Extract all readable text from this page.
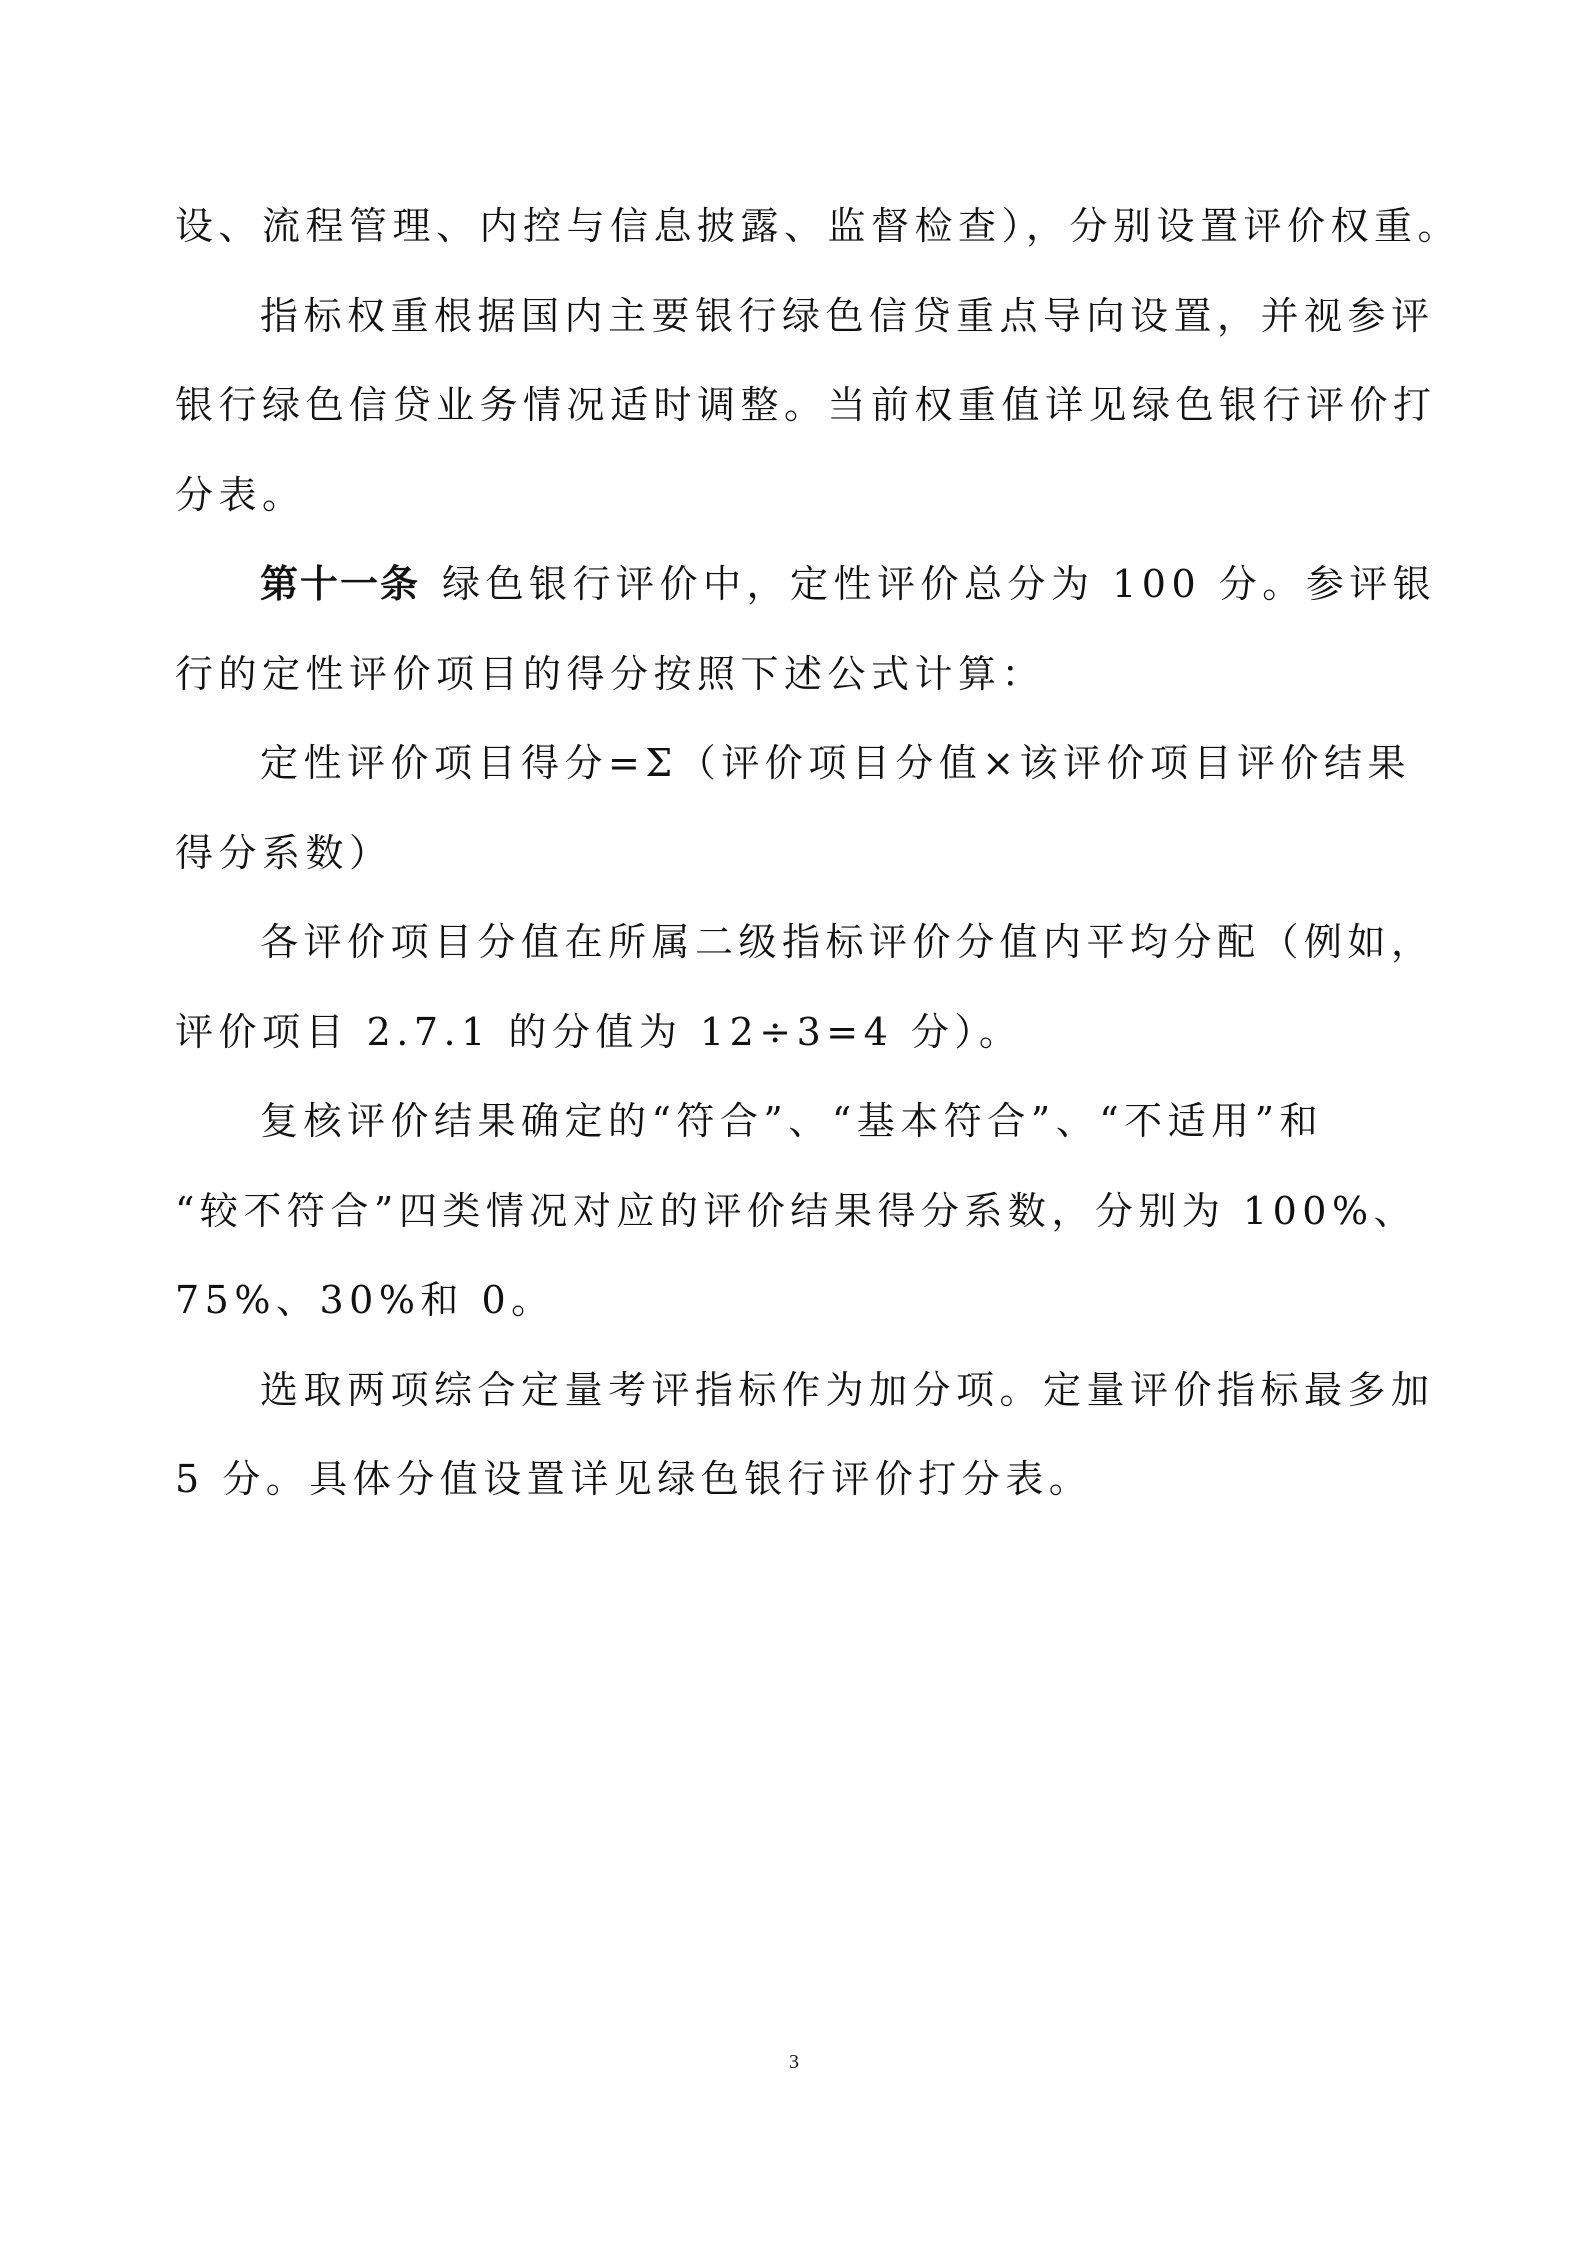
设、流程管理、内控与信息披露、监督检查），分别设置评价权重。
指标权重根据国内主要银行绿色信贷重点导向设置，并视参评
银行绿色信贷业务情况适时调整。当前权重值详见绿色银行评价打
分表。
第十一条 绿色银行评价中，定性评价总分为 100 分。参评银
行的定性评价项目的得分按照下述公式计算：
定性评价项目得分=Σ（评价项目分值×该评价项目评价结果
得分系数）
各评价项目分值在所属二级指标评价分值内平均分配（例如，
评价项目 2.7.1 的分值为 12÷3=4 分）。
复核评价结果确定的“符合”、“基本符合”、“不适用”和
“较不符合”四类情况对应的评价结果得分系数，分别为 100%、
75%、30%和 0。
选取两项综合定量考评指标作为加分项。定量评价指标最多加
5 分。具体分值设置详见绿色银行评价打分表。
3
